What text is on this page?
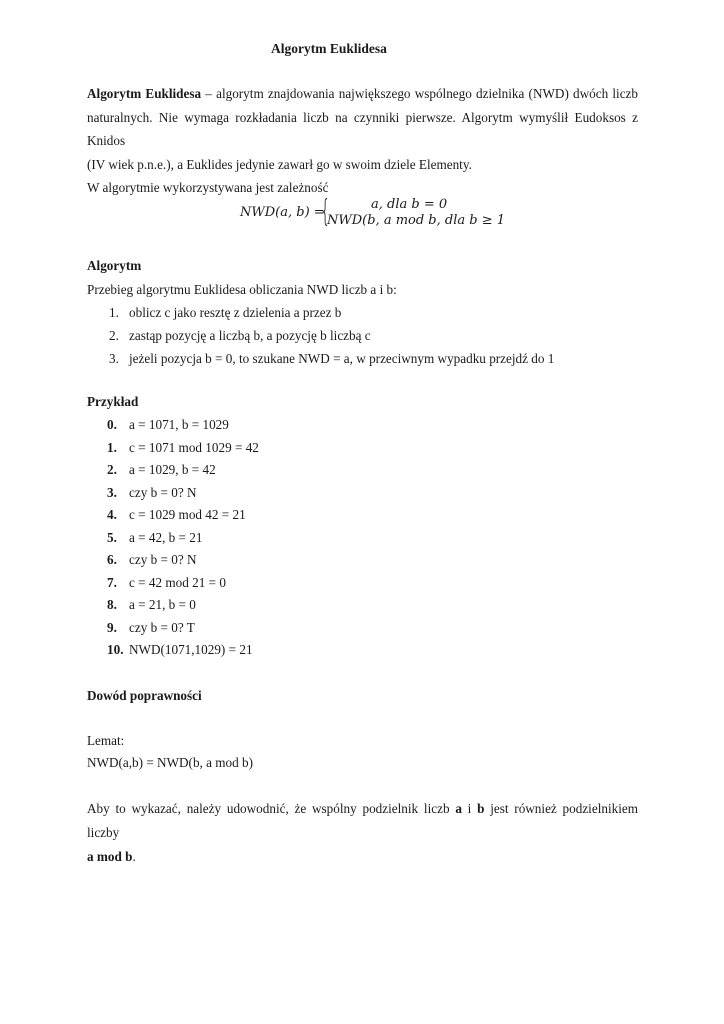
Algorytm Euklidesa
Algorytm Euklidesa – algorytm znajdowania największego wspólnego dzielnika (NWD) dwóch liczb
naturalnych. Nie wymaga rozkładania liczb na czynniki pierwsze. Algorytm wymyślił Eudoksos z Knidos
(IV wiek p.n.e.), a Euklides jedynie zawarł go w swoim dziele Elementy.
W algorytmie wykorzystywana jest zależność
NWD(a, b) =
{	a, dla b = 0
NWD(b, a mod b, dla b ≥ 1
Algorytm
Przebieg algorytmu Euklidesa obliczania NWD liczb a i b:
1. oblicz c jako resztę z dzielenia a przez b
2. zastąp pozycję a liczbą b, a pozycję b liczbą c
3. jeżeli pozycja b = 0, to szukane NWD = a, w przeciwnym wypadku przejdź do 1
Przykład
0. a = 1071, b = 1029
1. c = 1071 mod 1029 = 42
2. a = 1029, b = 42
3. czy b = 0? N
4. c = 1029 mod 42 = 21
5. a = 42, b = 21
6. czy b = 0? N
7. c = 42 mod 21 = 0
8. a = 21, b = 0
9. czy b = 0? T
10. NWD(1071,1029) = 21
Dowód poprawności
Lemat:
NWD(a,b) = NWD(b, a mod b)
Aby to wykazać, należy udowodnić, że wspólny podzielnik liczb a i b jest również podzielnikiem liczby
a mod b.
